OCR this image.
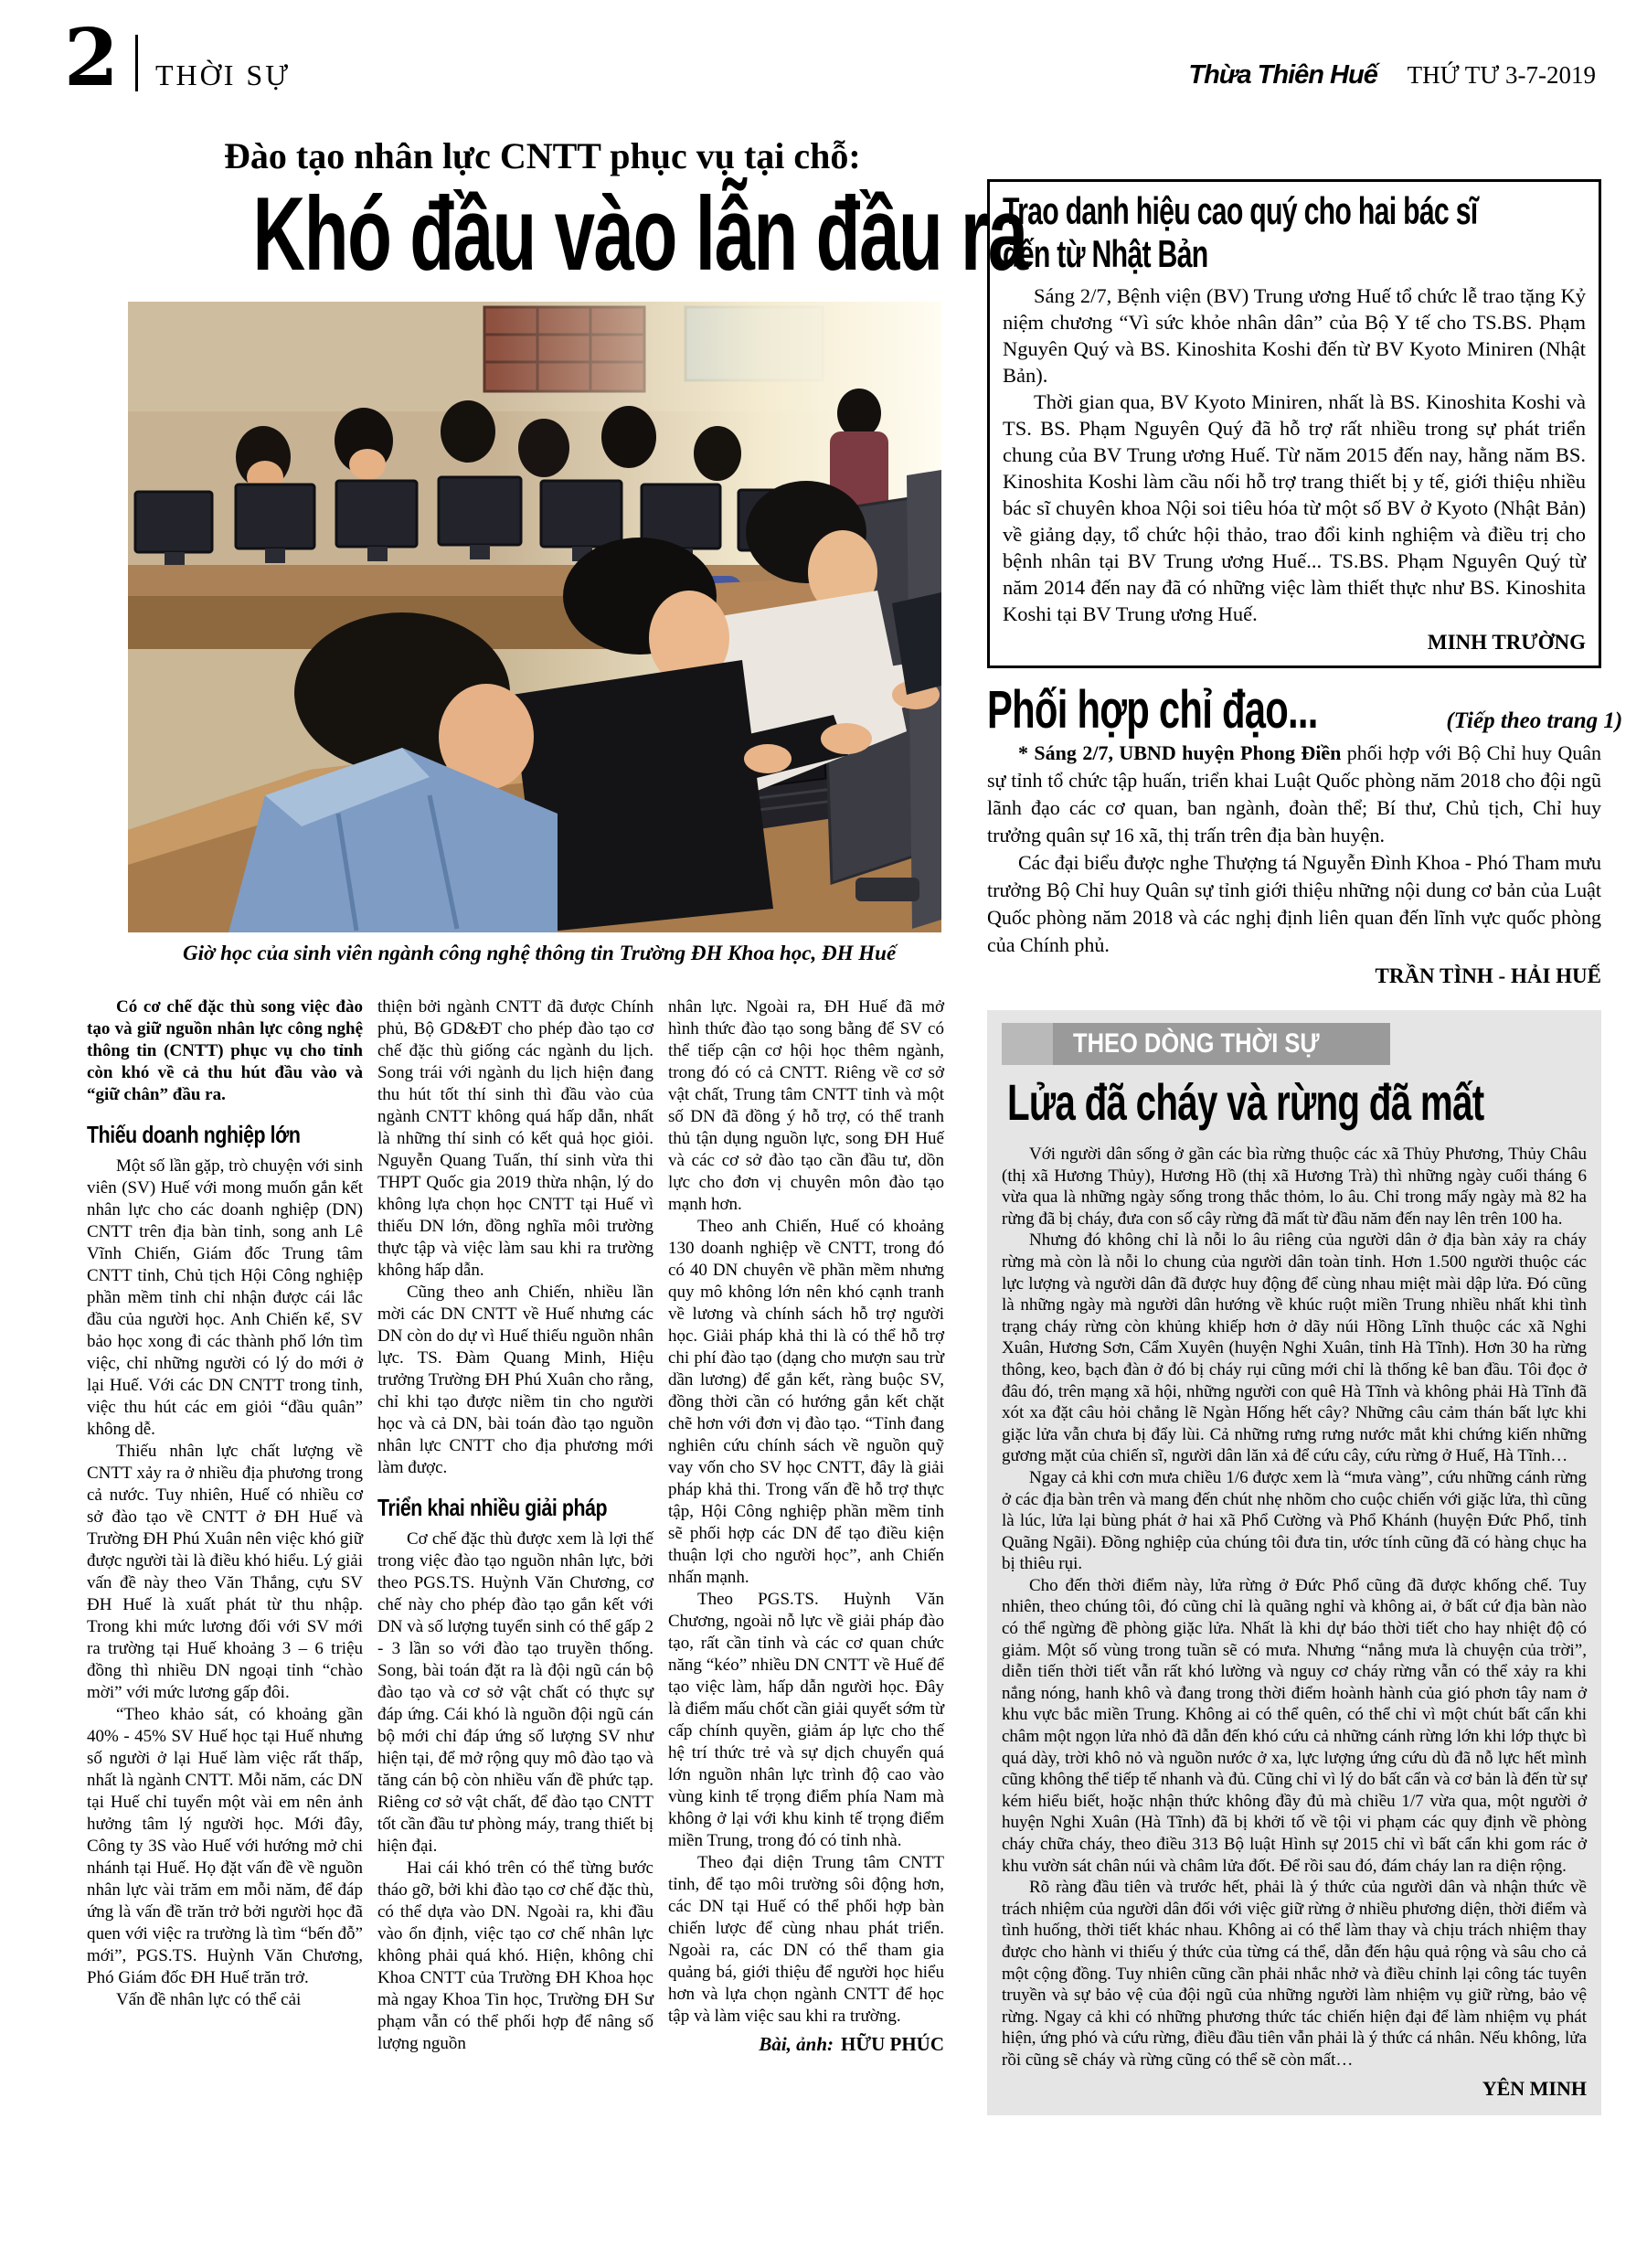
2 THỜI SỰ	Thừa Thiên Huế THỨ TƯ 3-7-2019
Đào tạo nhân lực CNTT phục vụ tại chỗ:
Khó đầu vào lẫn đầu ra
Giờ học của sinh viên ngành công nghệ thông tin Trường ĐH Khoa học, ĐH Huế

Có cơ chế đặc thù song việc đào tạo và giữ nguồn nhân lực công nghệ thông tin (CNTT) phục vụ cho tỉnh còn khó về cả thu hút đầu vào và “giữ chân” đầu ra.

Thiếu doanh nghiệp lớn

Một số lần gặp, trò chuyện với sinh viên (SV) Huế với mong muốn gắn kết nhân lực cho các doanh nghiệp (DN) CNTT trên địa bàn tỉnh, song anh Lê Vĩnh Chiến, Giám đốc Trung tâm CNTT tỉnh, Chủ tịch Hội Công nghiệp phần mềm tỉnh chỉ nhận được cái lắc đầu của người học. Anh Chiến kể, SV bảo học xong đi các thành phố lớn tìm việc, chỉ những người có lý do mới ở lại Huế. Với các DN CNTT trong tỉnh, việc thu hút các em giỏi “đầu quân” không dễ.

Thiếu nhân lực chất lượng về CNTT xảy ra ở nhiều địa phương trong cả nước. Tuy nhiên, Huế có nhiều cơ sở đào tạo về CNTT ở ĐH Huế và Trường ĐH Phú Xuân nên việc khó giữ được người tài là điều khó hiểu. Lý giải vấn đề này theo Văn Thắng, cựu SV ĐH Huế là xuất phát từ thu nhập. Trong khi mức lương đối với SV mới ra trường tại Huế khoảng 3 – 6 triệu đồng thì nhiều DN ngoại tỉnh “chào mời” với mức lương gấp đôi.

“Theo khảo sát, có khoảng gần 40% - 45% SV Huế học tại Huế nhưng số người ở lại Huế làm việc rất thấp, nhất là ngành CNTT. Mỗi năm, các DN tại Huế chỉ tuyển một vài em nên ảnh hưởng tâm lý người học. Mới đây, Công ty 3S vào Huế với hướng mở chi nhánh tại Huế. Họ đặt vấn đề về nguồn nhân lực vài trăm em mỗi năm, để đáp ứng là vấn đề trăn trở bởi người học đã quen với việc ra trường là tìm “bến đỗ” mới”, PGS.TS. Huỳnh Văn Chương, Phó Giám đốc ĐH Huế trăn trở.

Vấn đề nhân lực có thể cải

thiện bởi ngành CNTT đã được Chính phủ, Bộ GD&ĐT cho phép đào tạo cơ chế đặc thù giống các ngành du lịch. Song trái với ngành du lịch hiện đang thu hút tốt thí sinh thì đầu vào của ngành CNTT không quá hấp dẫn, nhất là những thí sinh có kết quả học giỏi. Nguyễn Quang Tuấn, thí sinh vừa thi THPT Quốc gia 2019 thừa nhận, lý do không lựa chọn học CNTT tại Huế vì thiếu DN lớn, đồng nghĩa môi trường thực tập và việc làm sau khi ra trường không hấp dẫn.

Cũng theo anh Chiến, nhiều lần mời các DN CNTT về Huế nhưng các DN còn do dự vì Huế thiếu nguồn nhân lực. TS. Đàm Quang Minh, Hiệu trưởng Trường ĐH Phú Xuân cho rằng, chỉ khi tạo được niềm tin cho người học và cả DN, bài toán đào tạo nguồn nhân lực CNTT cho địa phương mới làm được.

Triển khai nhiều giải pháp

Cơ chế đặc thù được xem là lợi thế trong việc đào tạo nguồn nhân lực, bởi theo PGS.TS. Huỳnh Văn Chương, cơ chế này cho phép đào tạo gắn kết với DN và số lượng tuyển sinh có thể gấp 2 - 3 lần so với đào tạo truyền thống. Song, bài toán đặt ra là đội ngũ cán bộ đào tạo và cơ sở vật chất có thực sự đáp ứng. Cái khó là nguồn đội ngũ cán bộ mới chỉ đáp ứng số lượng SV như hiện tại, để mở rộng quy mô đào tạo và tăng cán bộ còn nhiều vấn đề phức tạp. Riêng cơ sở vật chất, để đào tạo CNTT tốt cần đầu tư phòng máy, trang thiết bị hiện đại.

Hai cái khó trên có thể từng bước tháo gỡ, bởi khi đào tạo cơ chế đặc thù, có thể dựa vào DN. Ngoài ra, khi đầu vào ổn định, việc tạo cơ chế nhân lực không phải quá khó. Hiện, không chỉ Khoa CNTT của Trường ĐH Khoa học mà ngay Khoa Tin học, Trường ĐH Sư phạm vẫn có thể phối hợp để nâng số lượng nguồn

nhân lực. Ngoài ra, ĐH Huế đã mở hình thức đào tạo song bằng để SV có thể tiếp cận cơ hội học thêm ngành, trong đó có cả CNTT. Riêng về cơ sở vật chất, Trung tâm CNTT tỉnh và một số DN đã đồng ý hỗ trợ, có thể tranh thủ tận dụng nguồn lực, song ĐH Huế và các cơ sở đào tạo cần đầu tư, dồn lực cho đơn vị chuyên môn đào tạo mạnh hơn.

Theo anh Chiến, Huế có khoảng 130 doanh nghiệp về CNTT, trong đó có 40 DN chuyên về phần mềm nhưng quy mô không lớn nên khó cạnh tranh về lương và chính sách hỗ trợ người học. Giải pháp khả thi là có thể hỗ trợ chi phí đào tạo (dạng cho mượn sau trừ dần lương) để gắn kết, ràng buộc SV, đồng thời cần có hướng gắn kết chặt chẽ hơn với đơn vị đào tạo. “Tỉnh đang nghiên cứu chính sách về nguồn quỹ vay vốn cho SV học CNTT, đây là giải pháp khả thi. Trong vấn đề hỗ trợ thực tập, Hội Công nghiệp phần mềm tỉnh sẽ phối hợp các DN để tạo điều kiện thuận lợi cho người học”, anh Chiến nhấn mạnh.

Theo PGS.TS. Huỳnh Văn Chương, ngoài nỗ lực về giải pháp đào tạo, rất cần tỉnh và các cơ quan chức năng “kéo” nhiều DN CNTT về Huế để tạo việc làm, hấp dẫn người học. Đây là điểm mấu chốt cần giải quyết sớm từ cấp chính quyền, giảm áp lực cho thế hệ trí thức trẻ và sự dịch chuyển quá lớn nguồn nhân lực trình độ cao vào vùng kinh tế trọng điểm phía Nam mà không ở lại với khu kinh tế trọng điểm miền Trung, trong đó có tỉnh nhà.

Theo đại diện Trung tâm CNTT tỉnh, để tạo môi trường sôi động hơn, các DN tại Huế có thể phối hợp bàn chiến lược để cùng nhau phát triển. Ngoài ra, các DN có thể tham gia quảng bá, giới thiệu để người học hiểu hơn và lựa chọn ngành CNTT để học tập và làm việc sau khi ra trường.

Bài, ảnh: HỮU PHÚC
Trao danh hiệu cao quý cho hai bác sĩ
đến từ Nhật Bản

Sáng 2/7, Bệnh viện (BV) Trung ương Huế tổ chức lễ trao tặng Kỷ niệm chương “Vì sức khỏe nhân dân” của Bộ Y tế cho TS.BS. Phạm Nguyên Quý và BS. Kinoshita Koshi đến từ BV Kyoto Miniren (Nhật Bản).

Thời gian qua, BV Kyoto Miniren, nhất là BS. Kinoshita Koshi và TS. BS. Phạm Nguyên Quý đã hỗ trợ rất nhiều trong sự phát triển chung của BV Trung ương Huế. Từ năm 2015 đến nay, hằng năm BS. Kinoshita Koshi làm cầu nối hỗ trợ trang thiết bị y tế, giới thiệu nhiều bác sĩ chuyên khoa Nội soi tiêu hóa từ một số BV ở Kyoto (Nhật Bản) về giảng dạy, tổ chức hội thảo, trao đổi kinh nghiệm và điều trị cho bệnh nhân tại BV Trung ương Huế... TS.BS. Phạm Nguyên Quý từ năm 2014 đến nay đã có những việc làm thiết thực như BS. Kinoshita Koshi tại BV Trung ương Huế.

MINH TRƯỜNG
Phối hợp chỉ đạo...	(Tiếp theo trang 1)

* Sáng 2/7, UBND huyện Phong Điền phối hợp với Bộ Chỉ huy Quân sự tỉnh tổ chức tập huấn, triển khai Luật Quốc phòng năm 2018 cho đội ngũ lãnh đạo các cơ quan, ban ngành, đoàn thể; Bí thư, Chủ tịch, Chỉ huy trưởng quân sự 16 xã, thị trấn trên địa bàn huyện.

Các đại biểu được nghe Thượng tá Nguyễn Đình Khoa - Phó Tham mưu trưởng Bộ Chỉ huy Quân sự tỉnh giới thiệu những nội dung cơ bản của Luật Quốc phòng năm 2018 và các nghị định liên quan đến lĩnh vực quốc phòng của Chính phủ.

TRẦN TÌNH - HẢI HUẾ
THEO DÒNG THỜI SỰ
Lửa đã cháy và rừng đã mất

Với người dân sống ở gần các bìa rừng thuộc các xã Thủy Phương, Thủy Châu (thị xã Hương Thủy), Hương Hồ (thị xã Hương Trà) thì những ngày cuối tháng 6 vừa qua là những ngày sống trong thắc thỏm, lo âu. Chỉ trong mấy ngày mà 82 ha rừng đã bị cháy, đưa con số cây rừng đã mất từ đầu năm đến nay lên trên 100 ha.

Nhưng đó không chỉ là nỗi lo âu riêng của người dân ở địa bàn xảy ra cháy rừng mà còn là nỗi lo chung của người dân toàn tỉnh. Hơn 1.500 người thuộc các lực lượng và người dân đã được huy động để cùng nhau miệt mài dập lửa. Đó cũng là những ngày mà người dân hướng về khúc ruột miền Trung nhiều nhất khi tình trạng cháy rừng còn khủng khiếp hơn ở dãy núi Hồng Lĩnh thuộc các xã Nghi Xuân, Hương Sơn, Cẩm Xuyên (huyện Nghi Xuân, tỉnh Hà Tĩnh). Hơn 30 ha rừng thông, keo, bạch đàn ở đó bị cháy rụi cũng mới chỉ là thống kê ban đầu. Tôi đọc ở đâu đó, trên mạng xã hội, những người con quê Hà Tĩnh và không phải Hà Tĩnh đã xót xa đặt câu hỏi chẳng lẽ Ngàn Hống hết cây? Những câu cảm thán bất lực khi giặc lửa vẫn chưa bị đẩy lùi. Cả những rưng rưng nước mắt khi chứng kiến những gương mặt của chiến sĩ, người dân lăn xả để cứu cây, cứu rừng ở Huế, Hà Tĩnh…

Ngay cả khi cơn mưa chiều 1/6 được xem là “mưa vàng”, cứu những cánh rừng ở các địa bàn trên và mang đến chút nhẹ nhõm cho cuộc chiến với giặc lửa, thì cũng là lúc, lửa lại bùng phát ở hai xã Phổ Cường và Phổ Khánh (huyện Đức Phổ, tỉnh Quãng Ngãi). Đồng nghiệp của chúng tôi đưa tin, ước tính cũng đã có hàng chục ha bị thiêu rụi.

Cho đến thời điểm này, lửa rừng ở Đức Phổ cũng đã được khống chế. Tuy nhiên, theo chúng tôi, đó cũng chỉ là quãng nghỉ và không ai, ở bất cứ địa bàn nào có thể ngừng đề phòng giặc lửa. Nhất là khi dự báo thời tiết cho hay nhiệt độ có giảm. Một số vùng trong tuần sẽ có mưa. Nhưng “nắng mưa là chuyện của trời”, diễn tiến thời tiết vẫn rất khó lường và nguy cơ cháy rừng vẫn có thể xảy ra khi nắng nóng, hanh khô và đang trong thời điểm hoành hành của gió phơn tây nam ở khu vực bắc miền Trung. Không ai có thể quên, có thể chỉ vì một chút bất cẩn khi châm một ngọn lửa nhỏ đã dẫn đến khó cứu cả những cánh rừng lớn khi lớp thực bì quá dày, trời khô nỏ và nguồn nước ở xa, lực lượng ứng cứu dù đã nỗ lực hết mình cũng không thể tiếp tế nhanh và đủ. Cũng chỉ vì lý do bất cẩn và cơ bản là đến từ sự kém hiểu biết, hoặc nhận thức không đầy đủ mà chiều 1/7 vừa qua, một người ở huyện Nghi Xuân (Hà Tĩnh) đã bị khởi tố về tội vi phạm các quy định về phòng cháy chữa cháy, theo điều 313 Bộ luật Hình sự 2015 chỉ vì bất cẩn khi gom rác ở khu vườn sát chân núi và châm lửa đốt. Để rồi sau đó, đám cháy lan ra diện rộng.

Rõ ràng đầu tiên và trước hết, phải là ý thức của người dân và nhận thức về trách nhiệm của người dân đối với việc giữ rừng ở nhiều phương diện, thời điểm và tình huống, thời tiết khác nhau. Không ai có thể làm thay và chịu trách nhiệm thay được cho hành vi thiếu ý thức của từng cá thể, dẫn đến hậu quả rộng và sâu cho cả một cộng đồng. Tuy nhiên cũng cần phải nhắc nhở và điều chỉnh lại công tác tuyên truyền và sự bảo vệ của đội ngũ của những người làm nhiệm vụ giữ rừng, bảo vệ rừng. Ngay cả khi có những phương thức tác chiến hiện đại để làm nhiệm vụ phát hiện, ứng phó và cứu rừng, điều đầu tiên vẫn phải là ý thức cá nhân. Nếu không, lửa rồi cũng sẽ cháy và rừng cũng có thể sẽ còn mất…

YÊN MINH
